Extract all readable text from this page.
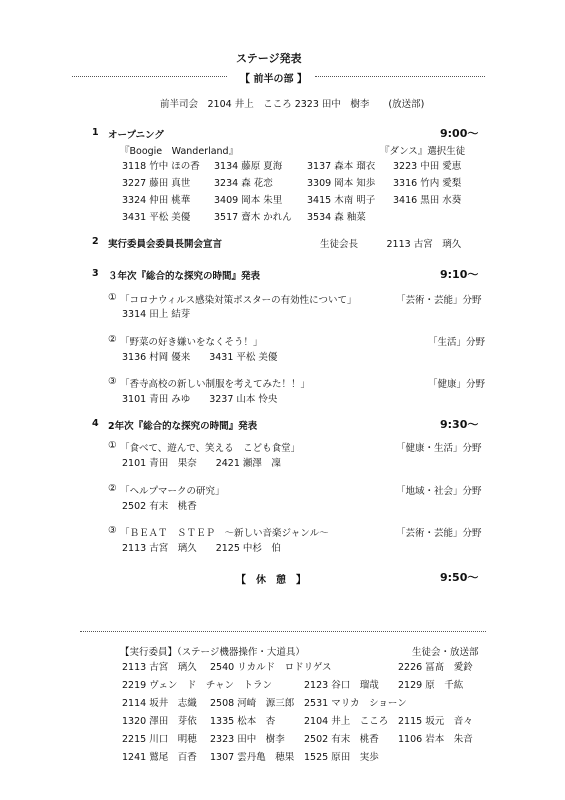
ステージ発表
【 前半の部 】
前半司会　2104 井上　こころ 2323 田中　樹李　　(放送部)
1 オープニング	9:00～
『Boogie　Wanderland』	『ダンス』選択生徒
3118 竹中 ほの香	3134 藤原 夏海	3137 森本 瑠衣	3223 中田 愛恵
3227 藤田 真世	3234 森 花恋	3309 岡本 知歩	3316 竹内 愛梨
3324 仲田 桃華	3409 岡本 朱里	3415 木南 明子	3416 黒田 水葵
3431 平松 美優	3517 齋木 かれん	3534 森 釉菜
2 実行委員会委員長開会宣言	生徒会長　　　2113 古宮　璃久
3 ３年次『総合的な探究の時間』発表	9:10～
① 「コロナウィルス感染対策ポスターの有効性について」	「芸術・芸能」分野
3314 田上 結芽
② 「野菜の好き嫌いをなくそう！」	「生活」分野
3136 村岡 優来　　3431 平松 美優
③ 「香寺高校の新しい制服を考えてみた！！」	「健康」分野
3101 青田 みゆ　　3237 山本 怜央
4 2年次『総合的な探究の時間』発表	9:30～
① 「食べて、遊んで、笑える　こども食堂」	「健康・生活」分野
2101 青田　果奈　　2421 瀬澤　凜
② 「ヘルプマークの研究」	「地域・社会」分野
2502 有末　桃香
③ 「ＢＥＡＴ　ＳＴＥＰ　～新しい音楽ジャンル～	「芸術・芸能」分野
2113 古宮　璃久　　2125 中杉　伯
【　休　憩　】	9:50～
【実行委員】（ステージ機器操作・大道具）	生徒会・放送部
2113 古宮　璃久	2540 リカルド　ロドリゲス	2226 冨髙　愛鈴
2219 ヴェン　ド　チャン　トラン	2123 谷口　瑠哉	2129 原　千紘
2114 坂井　志織	2508 河崎　源三郎	2531 マリカ　ショーン
1320 澤田　芽依	1335 松本　杏	2104 井上　こころ	2115 坂元　音々
2215 川口　明穂	2323 田中　樹李	2502 有末　桃香	1106 岩本　朱音
1241 鷲尾　百香	1307 雲丹亀　穂果	1525 原田　実歩
